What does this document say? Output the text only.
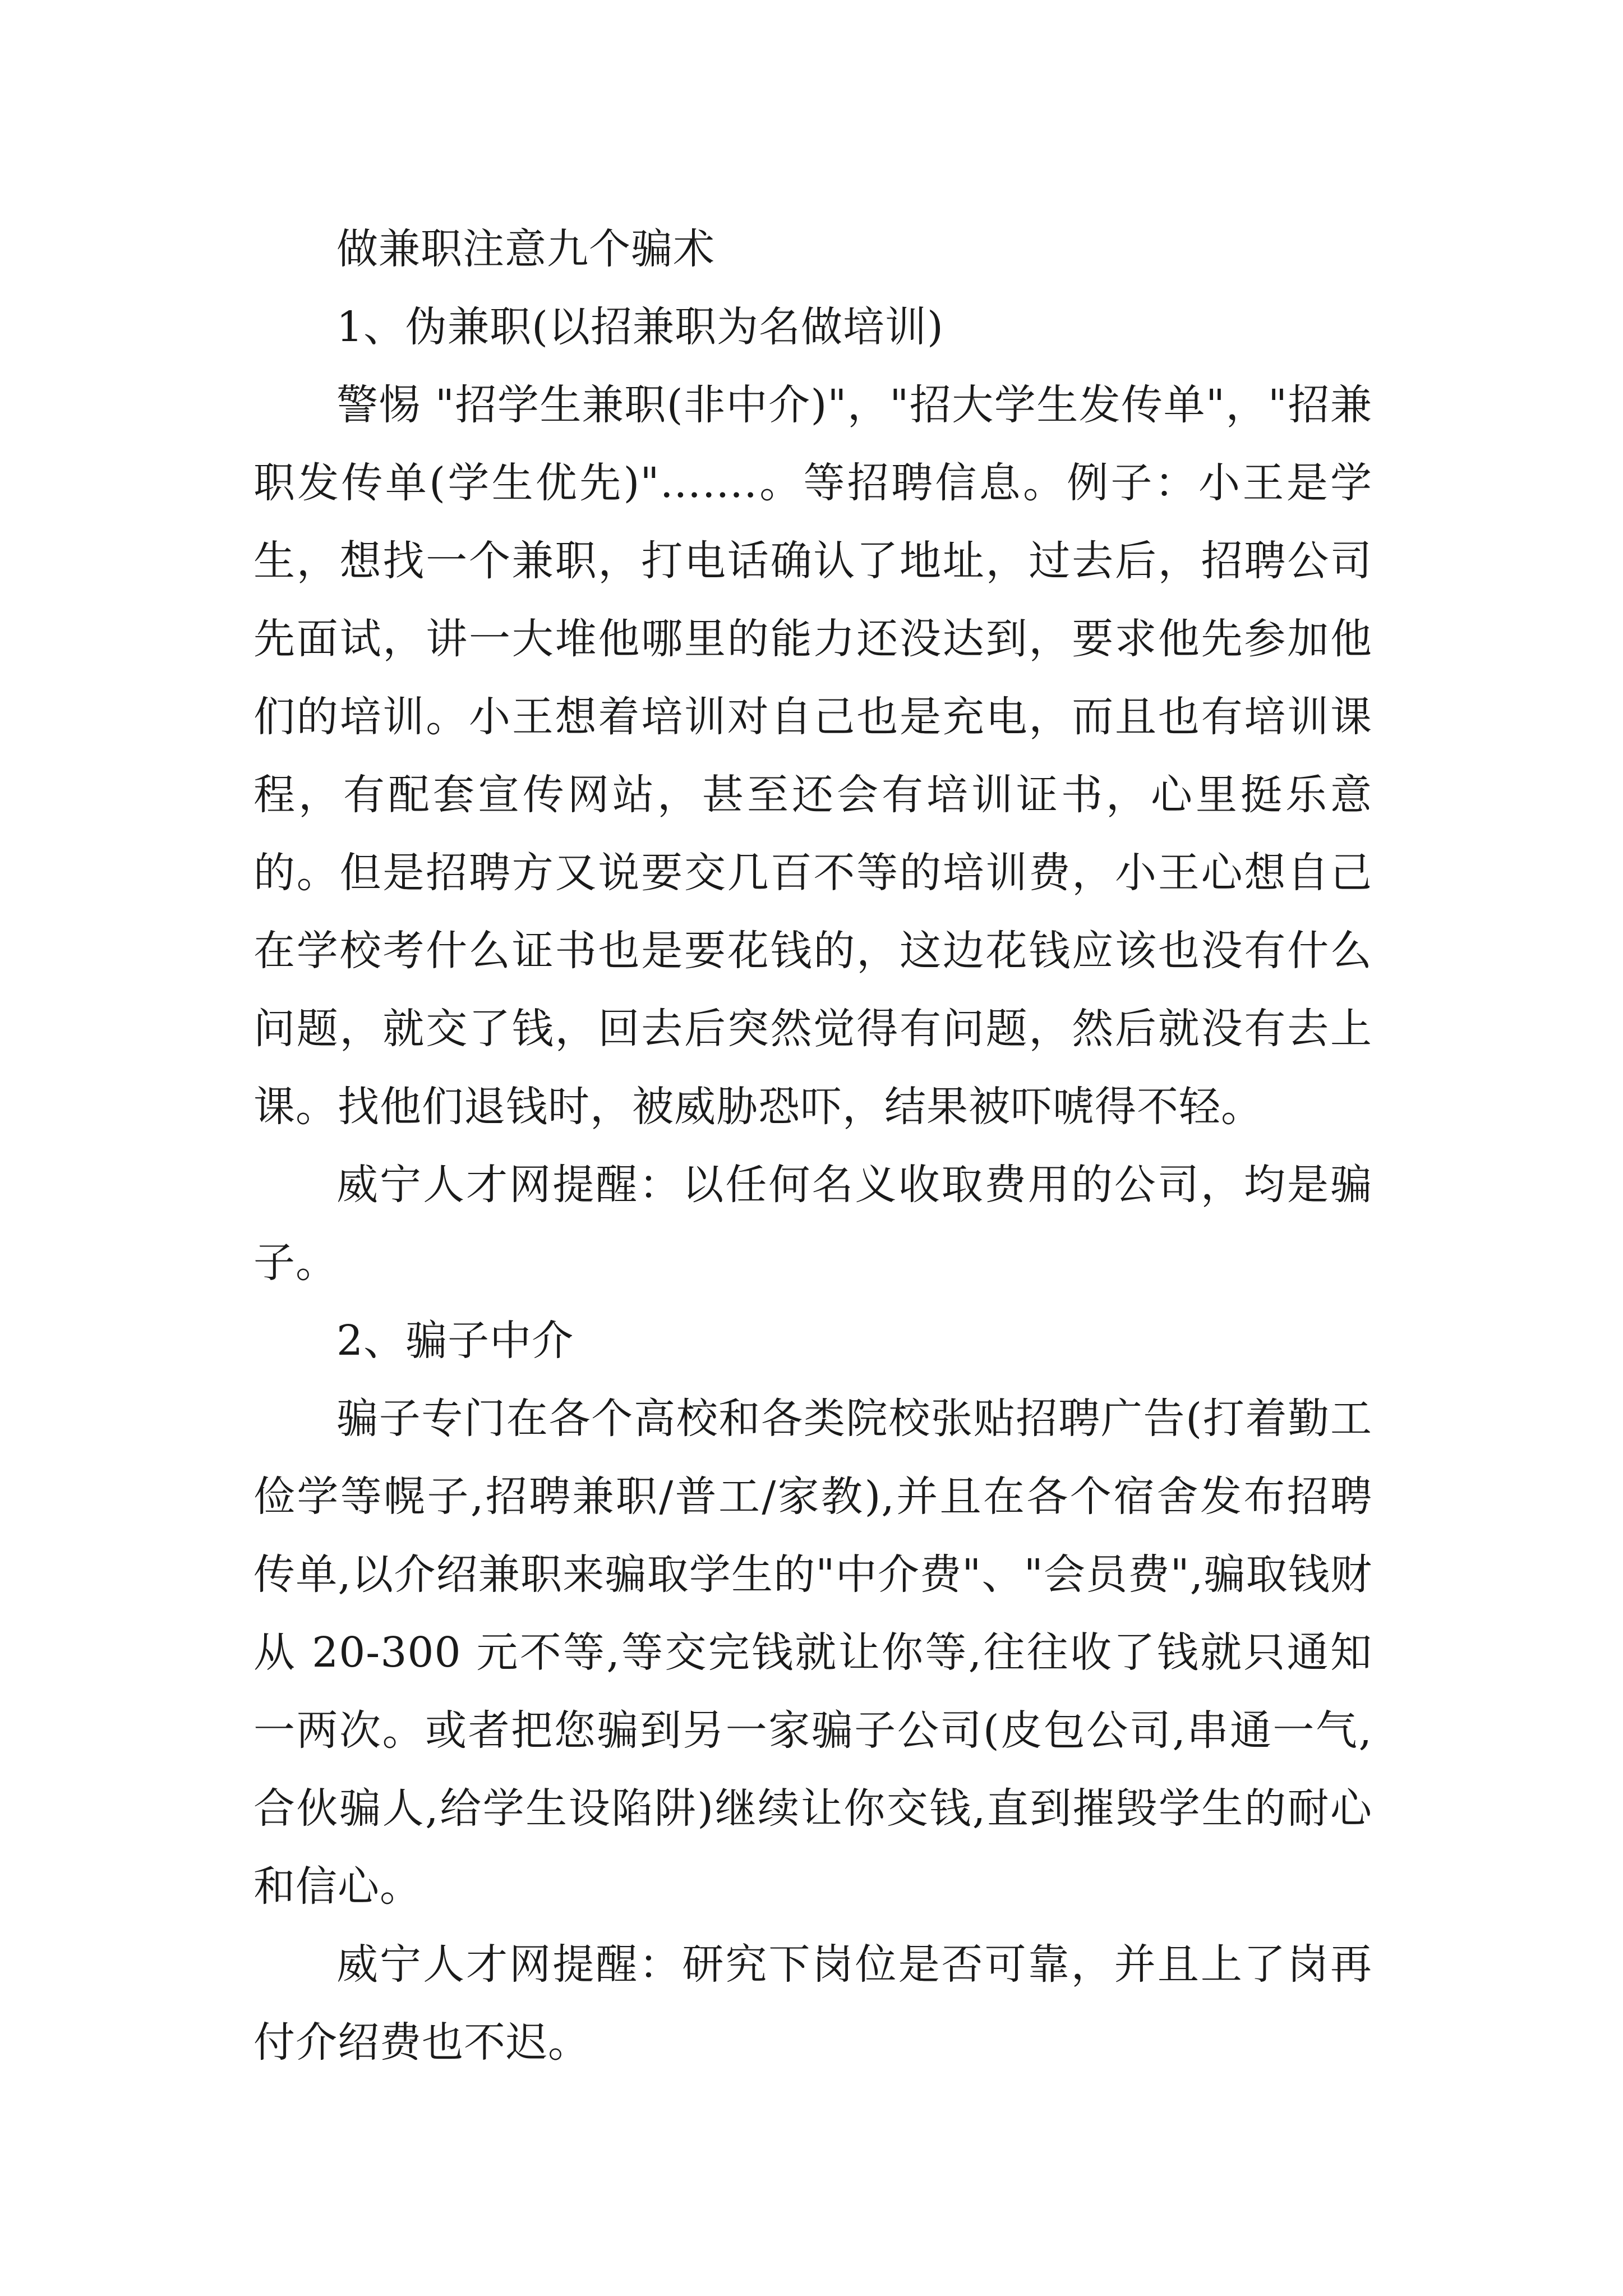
做兼职注意九个骗术

1、伪兼职(以招兼职为名做培训)

警惕 "招学生兼职(非中介)"，"招大学生发传单"，"招兼职发传单(学生优先)"…….。等招聘信息。例子：小王是学生，想找一个兼职，打电话确认了地址，过去后，招聘公司先面试，讲一大堆他哪里的能力还没达到，要求他先参加他们的培训。小王想着培训对自己也是充电，而且也有培训课程，有配套宣传网站，甚至还会有培训证书，心里挺乐意的。但是招聘方又说要交几百不等的培训费，小王心想自己在学校考什么证书也是要花钱的，这边花钱应该也没有什么问题，就交了钱，回去后突然觉得有问题，然后就没有去上课。找他们退钱时，被威胁恐吓，结果被吓唬得不轻。

威宁人才网提醒：以任何名义收取费用的公司，均是骗子。

2、骗子中介

骗子专门在各个高校和各类院校张贴招聘广告(打着勤工俭学等幌子,招聘兼职/普工/家教),并且在各个宿舍发布招聘传单,以介绍兼职来骗取学生的"中介费"、"会员费",骗取钱财从 20-300 元不等,等交完钱就让你等,往往收了钱就只通知一两次。或者把您骗到另一家骗子公司(皮包公司,串通一气,合伙骗人,给学生设陷阱)继续让你交钱,直到摧毁学生的耐心和信心。

威宁人才网提醒：研究下岗位是否可靠，并且上了岗再付介绍费也不迟。
